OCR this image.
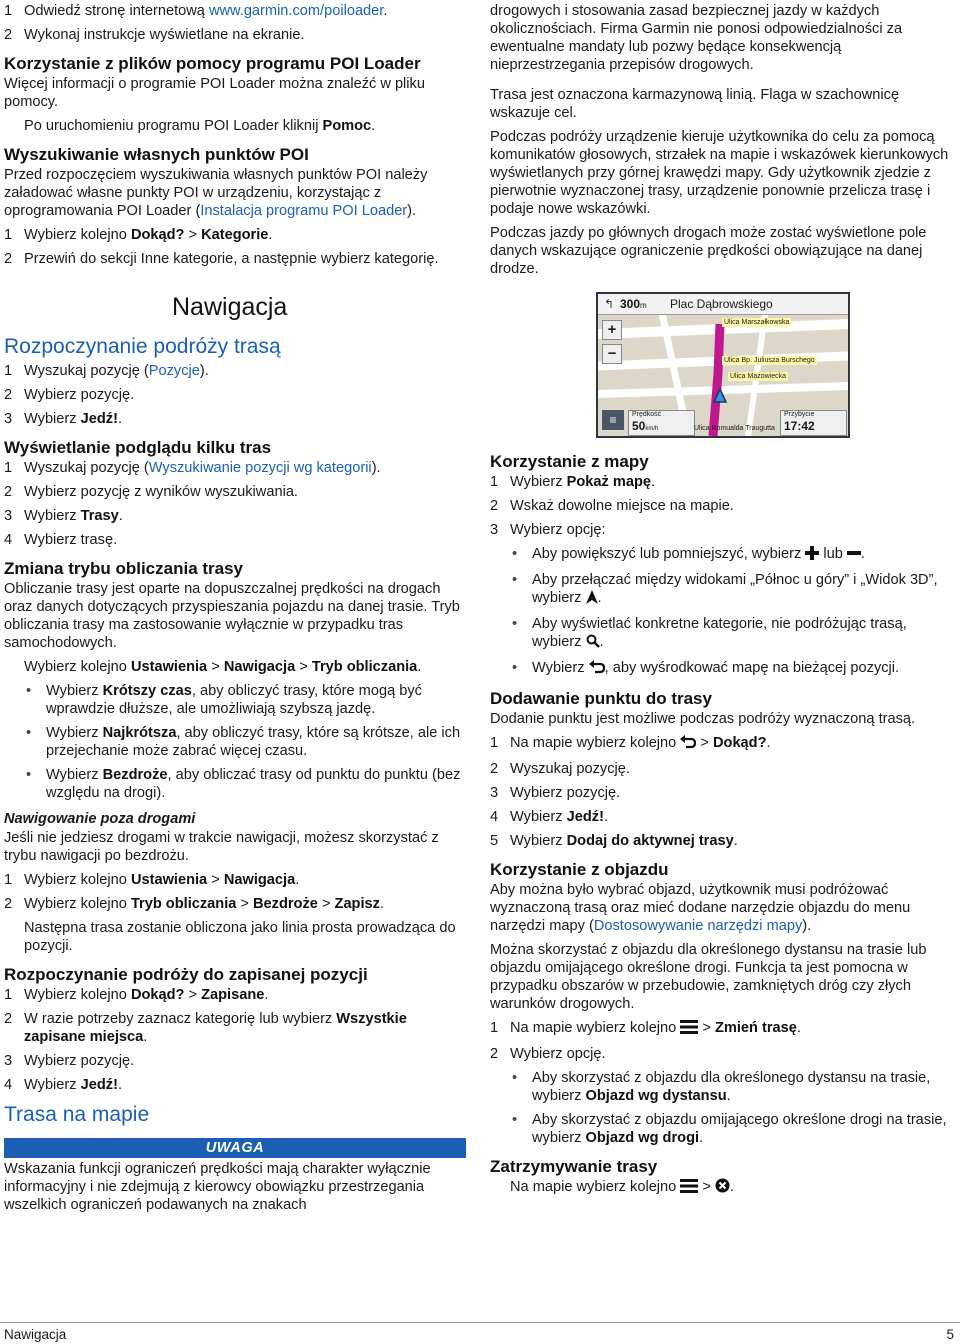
1 Odwiedź stronę internetową www.garmin.com/poiloader.
2 Wykonaj instrukcje wyświetlane na ekranie.
Korzystanie z plików pomocy programu POI Loader

Więcej informacji o programie POI Loader można znaleźć w pliku pomocy.

Po uruchomieniu programu POI Loader kliknij Pomoc.

Wyszukiwanie własnych punktów POI

Przed rozpoczęciem wyszukiwania własnych punktów POI należy załadować własne punkty POI w urządzeniu, korzystając z oprogramowania POI Loader (Instalacja programu POI Loader).

1 Wybierz kolejno Dokąd? > Kategorie.
2 Przewiń do sekcji Inne kategorie, a następnie wybierz kategorię.
Nawigacja
Rozpoczynanie podróży trasą
1 Wyszukaj pozycję (Pozycje).
2 Wybierz pozycję.
3 Wybierz Jedź!.
Wyświetlanie podglądu kilku tras
1 Wyszukaj pozycję (Wyszukiwanie pozycji wg kategorii).
2 Wybierz pozycję z wyników wyszukiwania.
3 Wybierz Trasy.
4 Wybierz trasę.
Zmiana trybu obliczania trasy

Obliczanie trasy jest oparte na dopuszczalnej prędkości na drogach oraz danych dotyczących przyspieszania pojazdu na danej trasie. Tryb obliczania trasy ma zastosowanie wyłącznie w przypadku tras samochodowych.

Wybierz kolejno Ustawienia > Nawigacja > Tryb obliczania.

• Wybierz Krótszy czas, aby obliczyć trasy, które mogą być wprawdzie dłuższe, ale umożliwiają szybszą jazdę.
• Wybierz Najkrótsza, aby obliczyć trasy, które są krótsze, ale ich przejechanie może zabrać więcej czasu.
• Wybierz Bezdroże, aby obliczać trasy od punktu do punktu (bez względu na drogi).
Nawigowanie poza drogami

Jeśli nie jedziesz drogami w trakcie nawigacji, możesz skorzystać z trybu nawigacji po bezdrożu.

1 Wybierz kolejno Ustawienia > Nawigacja.
2 Wybierz kolejno Tryb obliczania > Bezdroże > Zapisz.

Następna trasa zostanie obliczona jako linia prosta prowadząca do pozycji.

Rozpoczynanie podróży do zapisanej pozycji
1 Wybierz kolejno Dokąd? > Zapisane.
2 W razie potrzeby zaznacz kategorię lub wybierz Wszystkie zapisane miejsca.
3 Wybierz pozycję.
4 Wybierz Jedź!.
Trasa na mapie
UWAGA

Wskazania funkcji ograniczeń prędkości mają charakter wyłącznie informacyjny i nie zdejmują z kierowcy obowiązku przestrzegania wszelkich ograniczeń podawanych na znakach

drogowych i stosowania zasad bezpiecznej jazdy w każdych okolicznościach. Firma Garmin nie ponosi odpowiedzialności za ewentualne mandaty lub pozwy będące konsekwencją nieprzestrzegania przepisów drogowych.

Trasa jest oznaczona karmazynową linią. Flaga w szachownicę wskazuje cel.

Podczas podróży urządzenie kieruje użytkownika do celu za pomocą komunikatów głosowych, strzałek na mapie i wskazówek kierunkowych wyświetlanych przy górnej krawędzi mapy. Gdy użytkownik zjedzie z pierwotnie wyznaczonej trasy, urządzenie ponownie przelicza trasę i podaje nowe wskazówki.

Podczas jazdy po głównych drogach może zostać wyświetlone pole danych wskazujące ograniczenie prędkości obowiązujące na danej drodze.

↰ 300m Plac Dąbrowskiego
Ulica Marszałkowska
Ulica Bp. Juliusza Burschego
Ulica Mazowiecka
+
−
≡	Prędkość
50km/h
Przybycie
17:42
Ulica Romualda Traugutta
Korzystanie z mapy
1 Wybierz Pokaż mapę.
2 Wskaż dowolne miejsce na mapie.
3 Wybierz opcję:
• Aby powiększyć lub pomniejszyć, wybierz  lub .
• Aby przełączać między widokami „Północ u góry” i „Widok 3D”, wybierz .
• Aby wyświetlać konkretne kategorie, nie podróżując trasą, wybierz .
• Wybierz , aby wyśrodkować mapę na bieżącej pozycji.
Dodawanie punktu do trasy

Dodanie punktu jest możliwe podczas podróży wyznaczoną trasą.

1 Na mapie wybierz kolejno  > Dokąd?.
2 Wyszukaj pozycję.
3 Wybierz pozycję.
4 Wybierz Jedź!.
5 Wybierz Dodaj do aktywnej trasy.
Korzystanie z objazdu

Aby można było wybrać objazd, użytkownik musi podróżować wyznaczoną trasą oraz mieć dodane narzędzie objazdu do menu narzędzi mapy (Dostosowywanie narzędzi mapy).

Można skorzystać z objazdu dla określonego dystansu na trasie lub objazdu omijającego określone drogi. Funkcja ta jest pomocna w przypadku obszarów w przebudowie, zamkniętych dróg czy złych warunków drogowych.

1 Na mapie wybierz kolejno  > Zmień trasę.
2 Wybierz opcję.
• Aby skorzystać z objazdu dla określonego dystansu na trasie, wybierz Objazd wg dystansu.
• Aby skorzystać z objazdu omijającego określone drogi na trasie, wybierz Objazd wg drogi.
Zatrzymywanie trasy

Na mapie wybierz kolejno  > .

Nawigacja	5
